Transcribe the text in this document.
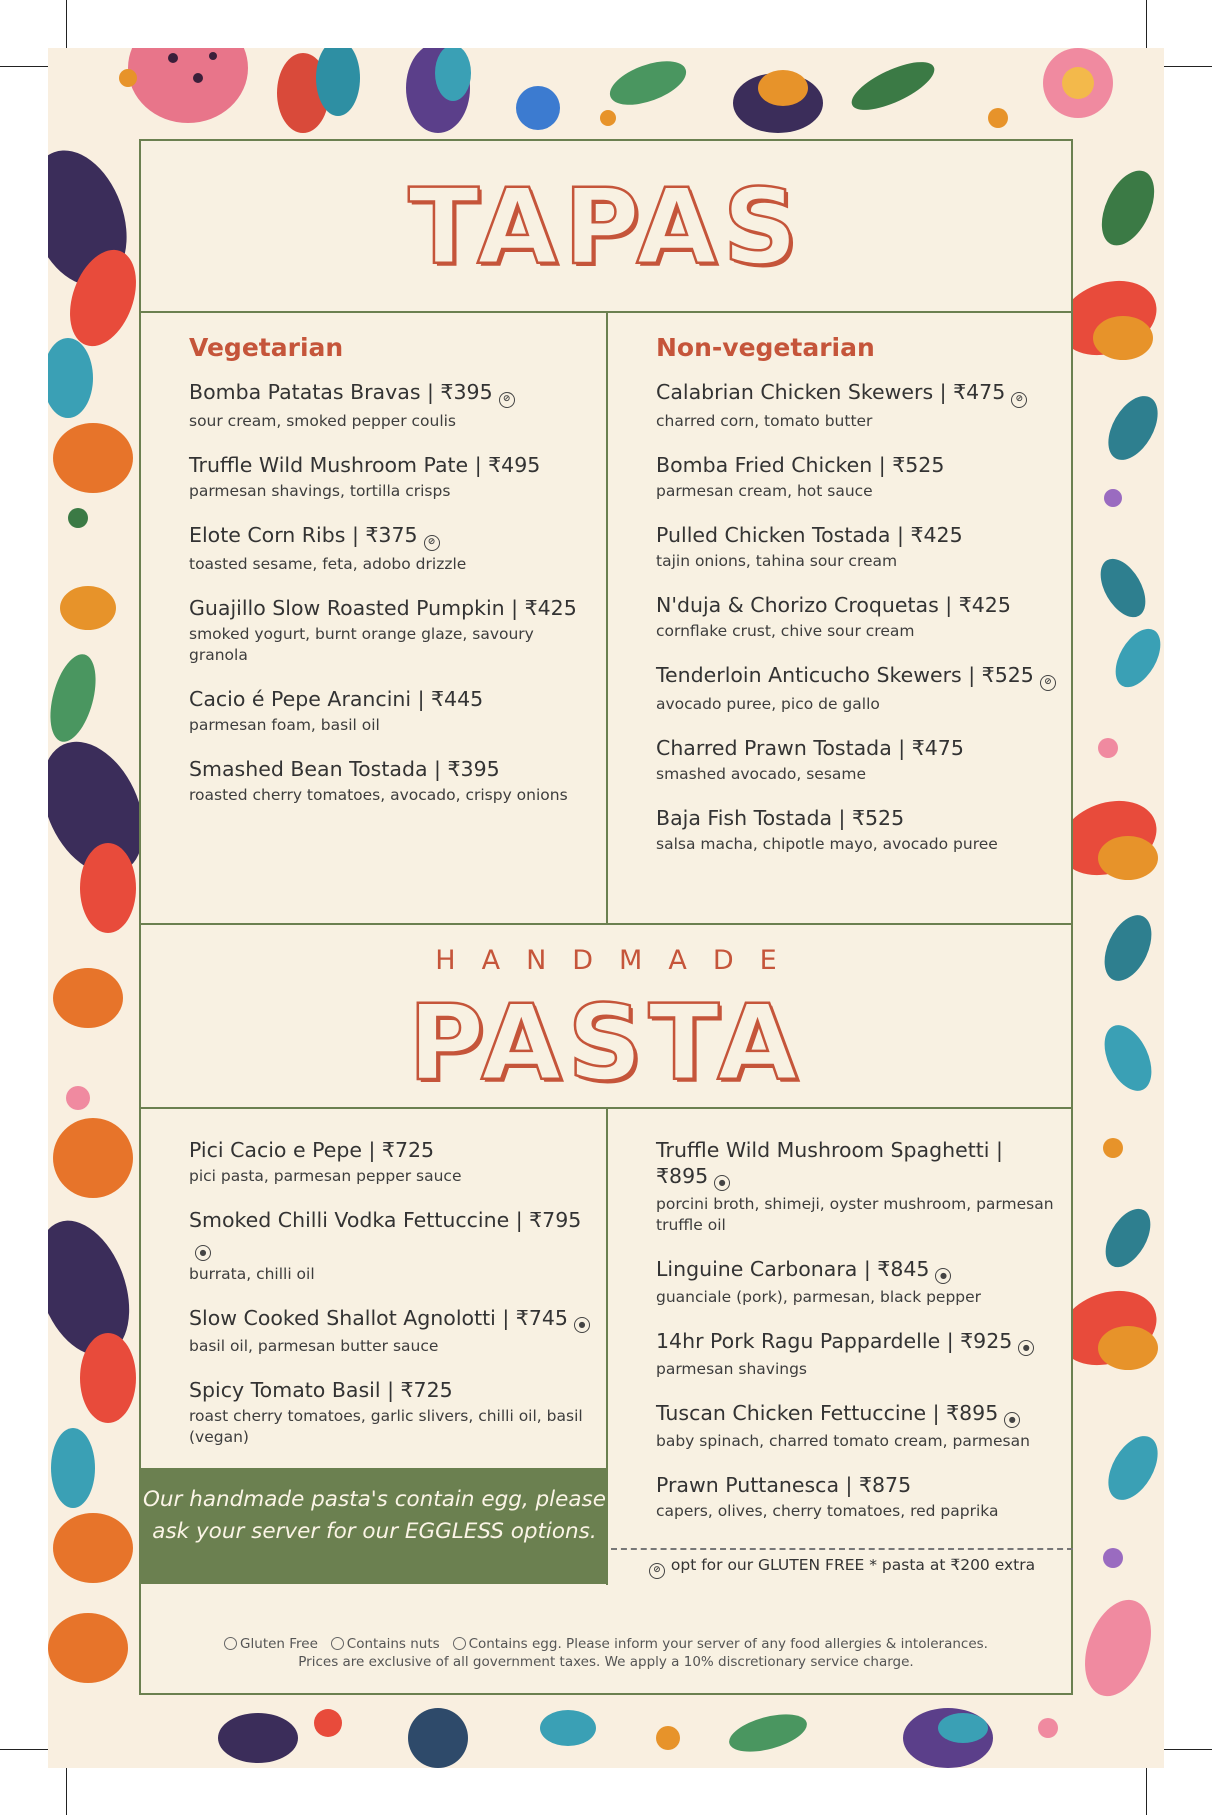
TAPAS
Vegetarian
Bomba Patatas Bravas | ₹395 ⊘
sour cream, smoked pepper coulis
Truffle Wild Mushroom Pate | ₹495
parmesan shavings, tortilla crisps
Elote Corn Ribs | ₹375 ⊘
toasted sesame, feta, adobo drizzle
Guajillo Slow Roasted Pumpkin | ₹425
smoked yogurt, burnt orange glaze, savoury granola
Cacio é Pepe Arancini | ₹445
parmesan foam, basil oil
Smashed Bean Tostada | ₹395
roasted cherry tomatoes, avocado, crispy onions
Non-vegetarian
Calabrian Chicken Skewers | ₹475 ⊘
charred corn, tomato butter
Bomba Fried Chicken | ₹525
parmesan cream, hot sauce
Pulled Chicken Tostada | ₹425
tajin onions, tahina sour cream
N'duja & Chorizo Croquetas | ₹425
cornflake crust, chive sour cream
Tenderloin Anticucho Skewers | ₹525 ⊘
avocado puree, pico de gallo
Charred Prawn Tostada | ₹475
smashed avocado, sesame
Baja Fish Tostada | ₹525
salsa macha, chipotle mayo, avocado puree
HANDMADE
PASTA
Pici Cacio e Pepe | ₹725
pici pasta, parmesan pepper sauce
Smoked Chilli Vodka Fettuccine | ₹795●
burrata, chilli oil
Slow Cooked Shallot Agnolotti | ₹745 ●
basil oil, parmesan butter sauce
Spicy Tomato Basil | ₹725
roast cherry tomatoes, garlic slivers, chilli oil, basil (vegan)
Truffle Wild Mushroom Spaghetti | ₹895 ●
porcini broth, shimeji, oyster mushroom, parmesan truffle oil
Linguine Carbonara | ₹845 ●
guanciale (pork), parmesan, black pepper
14hr Pork Ragu Pappardelle | ₹925 ●
parmesan shavings
Tuscan Chicken Fettuccine | ₹895 ●
baby spinach, charred tomato cream, parmesan
Prawn Puttanesca | ₹875
capers, olives, cherry tomatoes, red paprika
Our handmade pasta's contain egg, please ask your server for our EGGLESS options.
⊘ opt for our GLUTEN FREE * pasta at ₹200 extra
Gluten Free Contains nuts Contains egg. Please inform your server of any food allergies & intolerances.
Prices are exclusive of all government taxes. We apply a 10% discretionary service charge.
